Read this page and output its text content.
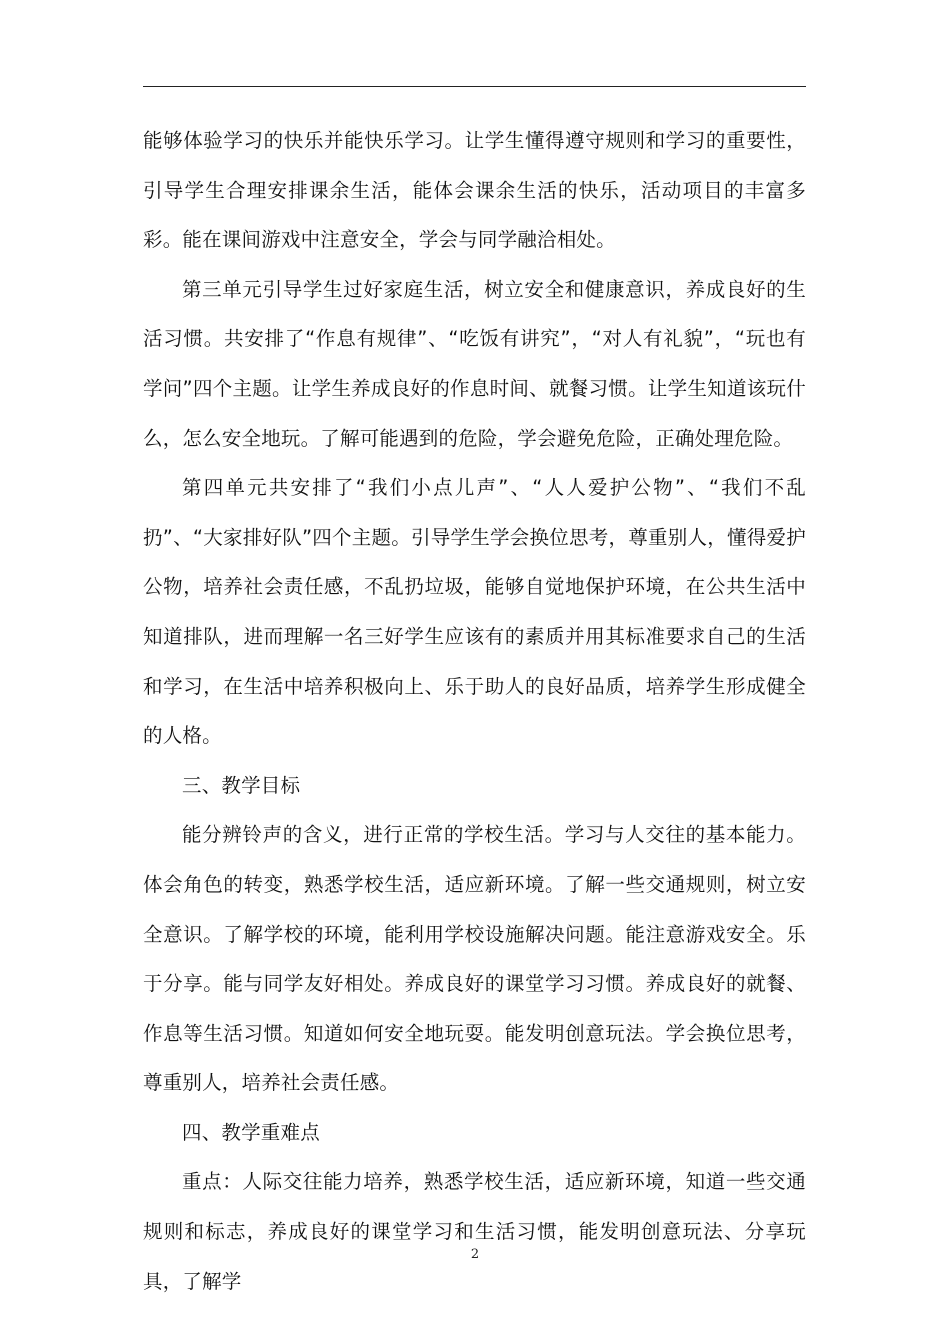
能够体验学习的快乐并能快乐学习。让学生懂得遵守规则和学习的重要性，引导学生合理安排课余生活，能体会课余生活的快乐，活动项目的丰富多彩。能在课间游戏中注意安全，学会与同学融洽相处。

第三单元引导学生过好家庭生活，树立安全和健康意识，养成良好的生活习惯。共安排了“作息有规律”、“吃饭有讲究”，“对人有礼貌”，“玩也有学问”四个主题。让学生养成良好的作息时间、就餐习惯。让学生知道该玩什么，怎么安全地玩。了解可能遇到的危险，学会避免危险，正确处理危险。

第四单元共安排了“我们小点儿声”、“人人爱护公物”、“我们不乱扔”、“大家排好队”四个主题。引导学生学会换位思考，尊重别人，懂得爱护公物，培养社会责任感，不乱扔垃圾，能够自觉地保护环境，在公共生活中知道排队，进而理解一名三好学生应该有的素质并用其标准要求自己的生活和学习，在生活中培养积极向上、乐于助人的良好品质，培养学生形成健全的人格。

三、教学目标

能分辨铃声的含义，进行正常的学校生活。学习与人交往的基本能力。体会角色的转变，熟悉学校生活，适应新环境。了解一些交通规则，树立安全意识。了解学校的环境，能利用学校设施解决问题。能注意游戏安全。乐于分享。能与同学友好相处。养成良好的课堂学习习惯。养成良好的就餐、作息等生活习惯。知道如何安全地玩耍。能发明创意玩法。学会换位思考，尊重别人，培养社会责任感。

四、教学重难点

重点：人际交往能力培养，熟悉学校生活，适应新环境，知道一些交通规则和标志，养成良好的课堂学习和生活习惯，能发明创意玩法、分享玩具，了解学

2
